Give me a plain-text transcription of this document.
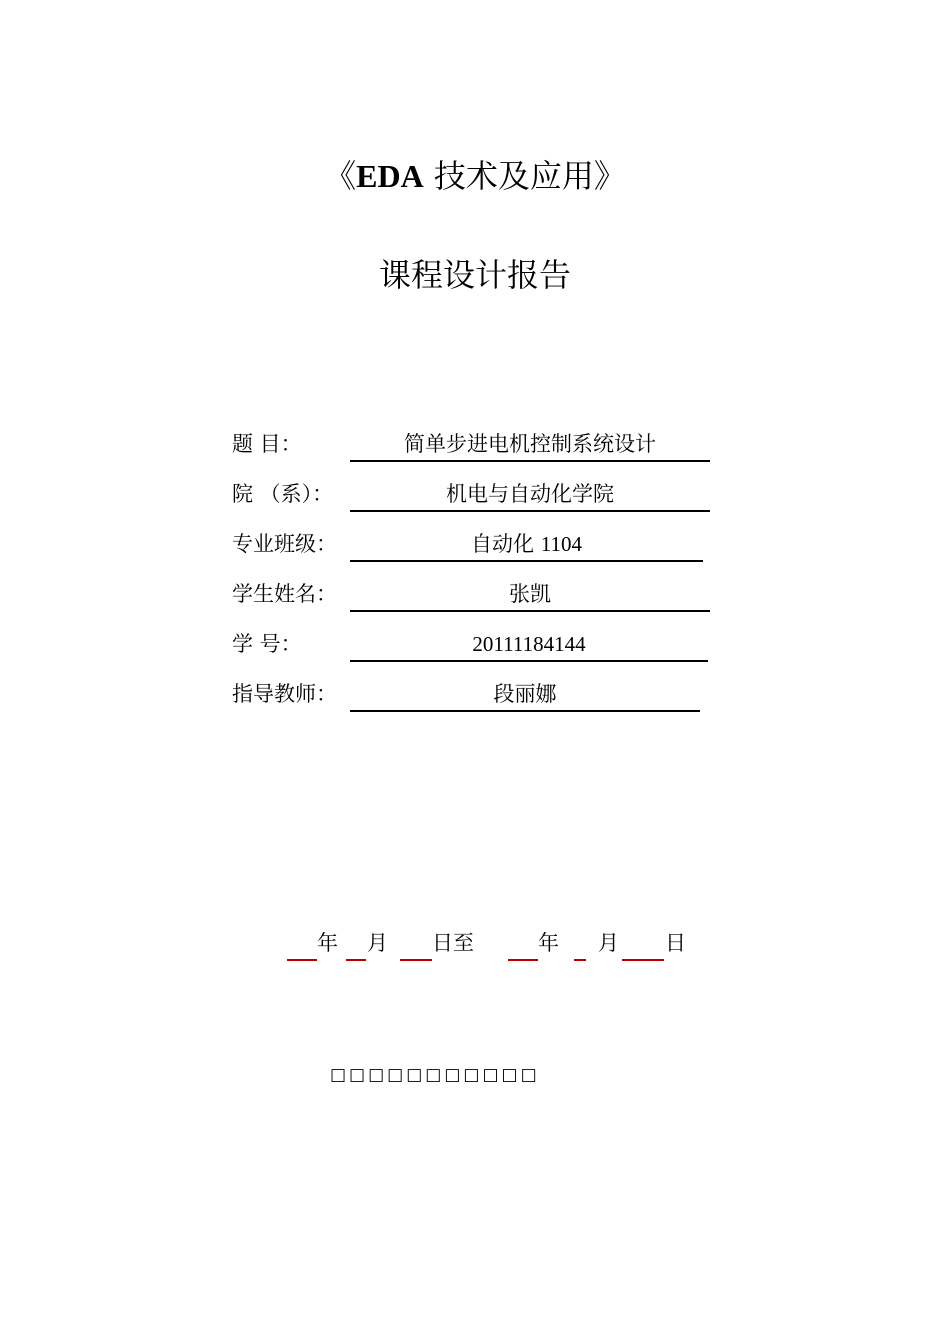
《EDA 技术及应用》
课程设计报告
题 目：	简单步进电机控制系统设计
院 （系）：	机电与自动化学院
专业班级：	自动化 1104
学生姓名：	张凯
学 号：	20111184144
指导教师：	段丽娜
年 月 日至	年 月 日
□□□□□□□□□□□
